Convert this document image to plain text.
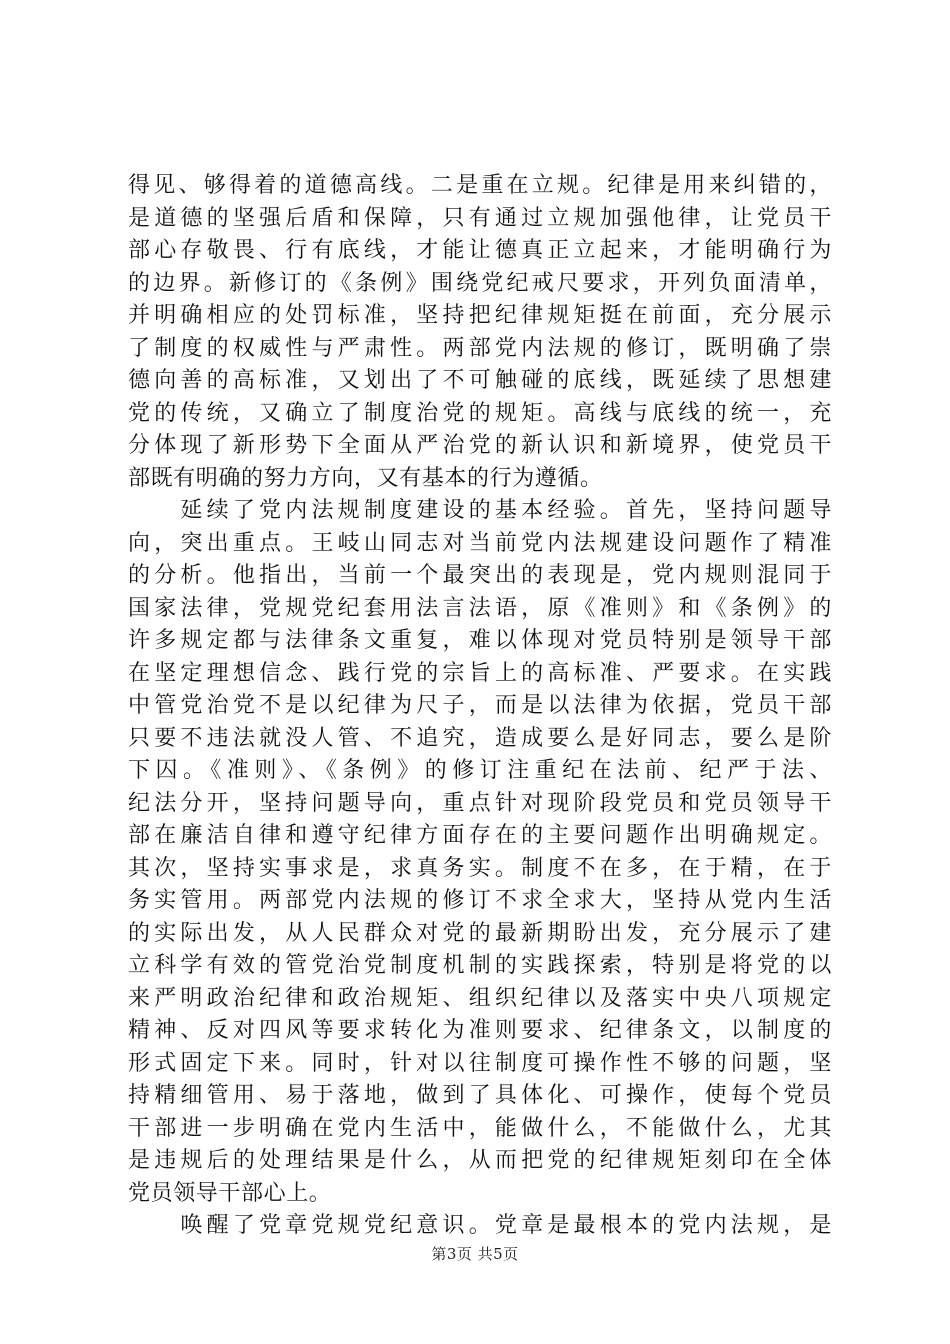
得见、够得着的道德高线。二是重在立规。纪律是用来纠错的，
是道德的坚强后盾和保障，只有通过立规加强他律，让党员干
部心存敬畏、行有底线，才能让德真正立起来，才能明确行为
的边界。新修订的《条例》围绕党纪戒尺要求，开列负面清单，
并明确相应的处罚标准，坚持把纪律规矩挺在前面，充分展示
了制度的权威性与严肃性。两部党内法规的修订，既明确了崇
德向善的高标准，又划出了不可触碰的底线，既延续了思想建
党的传统，又确立了制度治党的规矩。高线与底线的统一，充
分体现了新形势下全面从严治党的新认识和新境界，使党员干
部既有明确的努力方向，又有基本的行为遵循。
　　延续了党内法规制度建设的基本经验。首先，坚持问题导
向，突出重点。王岐山同志对当前党内法规建设问题作了精准
的分析。他指出，当前一个最突出的表现是，党内规则混同于
国家法律，党规党纪套用法言法语，原《准则》和《条例》的
许多规定都与法律条文重复，难以体现对党员特别是领导干部
在坚定理想信念、践行党的宗旨上的高标准、严要求。在实践
中管党治党不是以纪律为尺子，而是以法律为依据，党员干部
只要不违法就没人管、不追究，造成要么是好同志，要么是阶
下囚。《准则》、《条例》的修订注重纪在法前、纪严于法、
纪法分开，坚持问题导向，重点针对现阶段党员和党员领导干
部在廉洁自律和遵守纪律方面存在的主要问题作出明确规定。
其次，坚持实事求是，求真务实。制度不在多，在于精，在于
务实管用。两部党内法规的修订不求全求大，坚持从党内生活
的实际出发，从人民群众对党的最新期盼出发，充分展示了建
立科学有效的管党治党制度机制的实践探索，特别是将党的以
来严明政治纪律和政治规矩、组织纪律以及落实中央八项规定
精神、反对四风等要求转化为准则要求、纪律条文，以制度的
形式固定下来。同时，针对以往制度可操作性不够的问题，坚
持精细管用、易于落地，做到了具体化、可操作，使每个党员
干部进一步明确在党内生活中，能做什么，不能做什么，尤其
是违规后的处理结果是什么，从而把党的纪律规矩刻印在全体
党员领导干部心上。
　　唤醒了党章党规党纪意识。党章是最根本的党内法规，是
第3页 共5页
